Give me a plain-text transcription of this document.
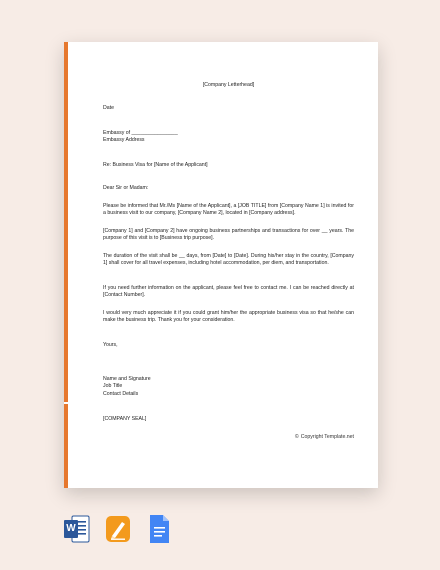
[Company Letterhead]

Date

Embassy of ________________

Embassy Address

Re: Business Visa for [Name of the Applicant]

Dear Sir or Madam:

Please be informed that Mr./Ms [Name of the Applicant], a [JOB TITLE] from [Company Name 1] is invited for a business visit to our company, [Company Name 2], located in [Company address].

[Company 1] and [Company 2] have ongoing business partnerships and transactions for over __ years. The purpose of this visit is to [Business trip purpose].

The duration of the visit shall be __ days, from [Date] to [Date]. During his/her stay in the country, [Company 1] shall cover for all travel expenses, including hotel accommodation, per diem, and transportation.

If you need further information on the applicant, please feel free to contact me. I can be reached directly at [Contact Number].

I would very much appreciate it if you could grant him/her the appropriate business visa so that he/she can make the business trip. Thank you for your consideration.

Yours,

Name and Signature

Job Title

Contact Details

[COMPANY SEAL]

© Copyright Template.net
W
